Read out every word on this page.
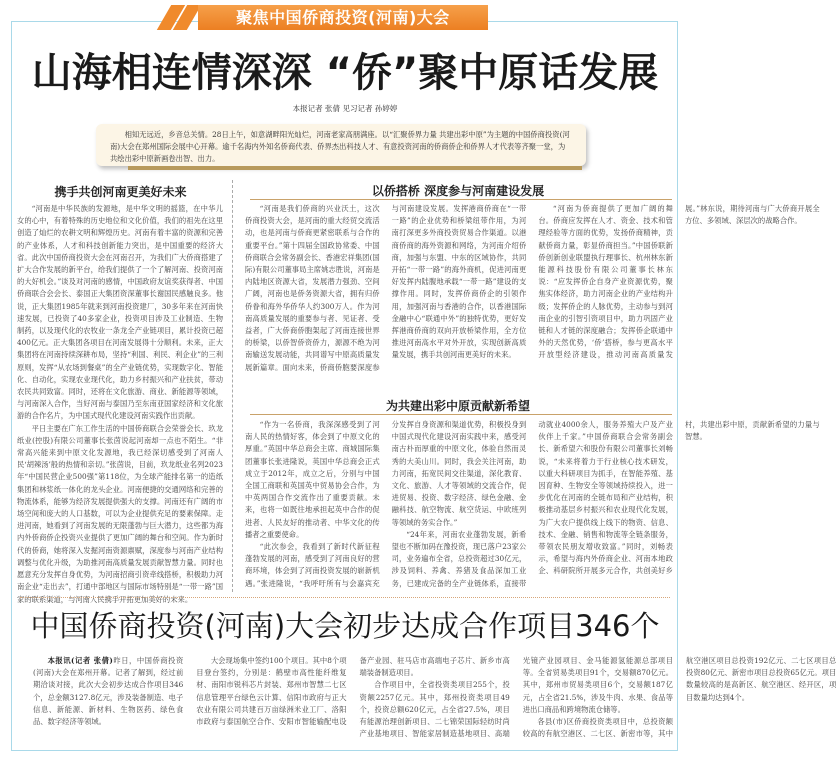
聚焦中国侨商投资(河南)大会
山海相连情深深 “侨”聚中原话发展
本报记者 张倩 见习记者 孙婷婷
相知无远近，乡音总关情。28日上午，如意湖畔阳光灿烂，河南老家高朋满座。以“汇聚侨界力量 共建出彩中原”为主题的中国侨商投资(河南)大会在郑州国际会展中心开幕。逾千名海内外知名侨商代表、侨界杰出科技人才、有意投资河南的侨商侨企和侨界人才代表等齐聚一堂，为共绘出彩中原新画卷出智、出力。
携手共创河南更美好未来

“河南是中华民族的发源地，是中华文明的摇篮，在中华儿女的心中，有着特殊的历史地位和文化价值，我们的祖先在这里创造了灿烂的农耕文明和辉煌历史。河南有着丰富的资源和完善的产业体系，人才和科技创新能力突出，是中国重要的经济大省。此次中国侨商投资大会在河南召开，为我们广大侨商搭建了扩大合作发展的新平台，给我们提供了一个了解河南、投资河南的大好机会。”谈及对河南的感情，中国政府友谊奖获得者、中国侨商联合会会长、泰国正大集团资深董事长谢国民感触良多。他说，正大集团1985年就来到河南投资建厂，30多年来在河南快速发展，已投资了40多家企业，投资项目涉及工业制造、生物制药，以及现代化的农牧业一条龙全产业链项目，累计投资已超400亿元。正大集团各项目在河南发展得十分顺利。未来，正大集团将在河南持续深耕布局，坚持“利国、利民、利企业”的三利原则，发挥“从农场到餐桌”的全产业链优势，实现数字化、智能化、自动化，实现农业现代化，助力乡村振兴和产业扶贫，带动农民共同致富。同时，还将在文化旅游、商业、新能源等领域，与河南深入合作，当好河南与泰国乃至东南亚国家经济和文化旅游的合作名片，为中国式现代化建设河南实践作出贡献。

平日主要在广东工作生活的中国侨商联合会荣誉会长、玖龙纸业(控股)有限公司董事长张茵说起河南却一点也不陌生。“非常高兴能来到中原文化发源地，我已经深切感受到了河南人民‘胡辣汤’般的热情和亲切。”张茵说，目前，玖龙纸业名列2023年“中国民营企业500强”第118位，为全球产能排名第一的造纸集团和林浆纸一体化的龙头企业。河南便捷的交通网络和完善的物流体系，能够为经济发展提供强大的支撑。河南还有广阔的市场空间和庞大的人口基数，可以为企业提供充足的要素保障。走进河南，她看到了河南发展的无限蓬勃与巨大潜力，这些都为海内外侨商侨企投资兴业提供了更加广阔的舞台和空间。作为新时代的侨商，她将深入发掘河南资源禀赋，深度参与河南产业结构调整与优化升级，为助推河南高质量发展贡献智慧力量。同时也愿意充分发挥自身优势，为河南招商引资牵线搭桥，积极助力河南企业“走出去”，打通中部地区与国际市场特别是“一带一路”国家的联系渠道，与河南人民携手开拓更加美好的未来。

以侨搭桥 深度参与河南建设发展

“河南是我们侨商的兴业沃土，这次侨商投资大会，是河南的重大经贸交流活动，也是河南与侨商更紧密联系与合作的重要平台。”第十四届全国政协常委、中国侨商联合会常务副会长、香港宏祥集团(国际)有限公司董事局主席姚志胜说，河南是内陆地区资源大省，发展潜力强劲、空间广阔，河南也是侨务资源大省，拥有归侨侨眷和海外华侨华人约300万人。作为河南高质量发展的重要参与者、见证者、受益者，广大侨商侨胞架起了河南连接世界的桥梁，以侨智侨资侨力，源源不绝为河南输送发展动能，共同谱写中原高质量发展新篇章。面向未来，侨商侨胞要深度参与河南建设发展。发挥港商侨商在“一带一路”的企业优势和桥梁纽带作用，为河南打深更多外商投资贸易合作渠道。以港商侨商的海外资源和网络，为河南介绍侨商，加强与东盟、中东的区域协作，共同开拓“一带一路”的海外商机，促进河南更好发挥内陆腹地承载“一带一路”建设的支撑作用。同时，发挥侨商侨企的引领作用，加强河南与香港的合作，以香港国际金融中心“联通中外”的独特优势，更好发挥港商侨商的双向开放桥梁作用，全方位推进河南高水平对外开放，实现创新高质量发展，携手共创河南更美好的未来。

“河南为侨商提供了更加广阔的舞台。侨商应发挥在人才、资金、技术和管理经验等方面的优势，发扬侨商精神，贡献侨商力量，彰显侨商担当。”中国侨联新侨创新创业联盟执行理事长、杭州林东新能源科技股份有限公司董事长林东说：“应发挥侨企自身产业资源优势，聚焦实体经济，助力河南企业的产业结构升级；发挥侨企的人脉优势，主动参与到河南企业的引智引资项目中，助力巩固产业链和人才链的深度融合；发挥侨企联通中外的天然优势，‘侨’搭桥，参与更高水平开放型经济建设，推动河南高质量发展。”林东说，期待河南与广大侨商开展全方位、多领域、深层次的战略合作。

为共建出彩中原贡献新希望

“作为一名侨商，我深深感受到了河南人民的热情好客，体会到了中原文化的厚重。”英国中华总商会主席、商城国际集团董事长张进隆说，英国中华总商会正式成立于2012年，成立之后，分别与中国全国工商联和英国英中贸易协会合作，为中英两国合作交流作出了重要贡献。未来，也将一如既往地承担起英中合作的促进者、人民友好的推动者、中华文化的传播者之重要使命。

“此次参会，我看到了新时代新征程蓬勃发展的河南，感受到了河南良好的营商环境，体会到了河南投资发展的崭新机遇。”张进隆说，“我呼吁所有与会嘉宾充分发挥自身资源和渠道优势，积极投身到中国式现代化建设河南实践中来，感受河南古朴而厚重的中原文化，体验自然而灵秀的大美山川。同时，我会关注河南，助力河南，拓宽民间交往渠道，深化教育、文化、旅游、人才等领域的交流合作，促进贸易、投资、数字经济、绿色金融、金融科技、航空物流、航空货运、中欧班列等领域的务实合作。”

“24年来，河南农业蓬勃发展，新希望也不断加码在豫投资，现已落户23家公司，业务遍布全省，总投资超过30亿元，涉及饲料、养禽、养猪及食品深加工业务，已建成完备的全产业链体系，直接带动就业4000余人，服务养殖大户及产业伙伴上千家。”中国侨商联合会常务副会长、新希望六和股份有限公司董事长刘畅说，“未来将着力于行业核心技术研发，以重大科研项目为抓手，在智能养殖、基因育种、生物安全等领域持续投入，进一步优化在河南的全链布局和产业结构，积极推动基层乡村振兴和农业现代化发展，为广大农户提供线上线下的物资、信息、技术、金融、销售和物流等全链条服务，带领农民朋友增收致富。”同时，刘畅表示，希望与海内外侨商企业、河南本地政企、科研院所开展多元合作，共创美好乡村，共建出彩中原，贡献新希望的力量与智慧。

中国侨商投资(河南)大会初步达成合作项目346个

本报讯(记者 张倩)昨日，中国侨商投资(河南)大会在郑州开幕。记者了解到，经过前期洽谈对接，此次大会初步达成合作项目346个，总金额3127.8亿元，涉及装备制造、电子信息、新能源、新材料、生物医药、绿色食品、数字经济等领域。

大会现场集中签约100个项目。其中8个项目登台签约，分别是：鹤壁市高性能纤维复材、南阳市锐科芯片封装、郑州市智慧二七区信息管理平台绿色云计算、信阳市政府与正大农业有限公司共建百万亩绿洲米业工厂、洛阳市政府与泰国航空合作、安阳市智能输配电设备产业园、驻马店市高端电子芯片、新乡市高端装备制造项目。

合作项目中，全省投资类项目255个，投资额2257亿元。其中，郑州投资类项目49个，投资总额620亿元，占全省27.5%，项目有能源治理创新项目、二七锦荣国际轻纺时尚产业基地项目、智能家居制造基地项目、高端光镜产业园项目、金马能源氢能源总部项目等。全省贸易类项目91个，交易额870亿元。其中，郑州市贸易类项目6个，交易额187亿元，占全省21.5%，涉及牛肉、水果、食品等进出口商品和跨境物流仓储等。

各县(市)区侨商投资类项目中，总投资额较高的有航空港区、二七区、新密市等，其中航空港区项目总投资192亿元、二七区项目总投资80亿元、新密市项目总投资65亿元。项目数量较高的是高新区、航空港区、经开区，项目数量均达到4个。
